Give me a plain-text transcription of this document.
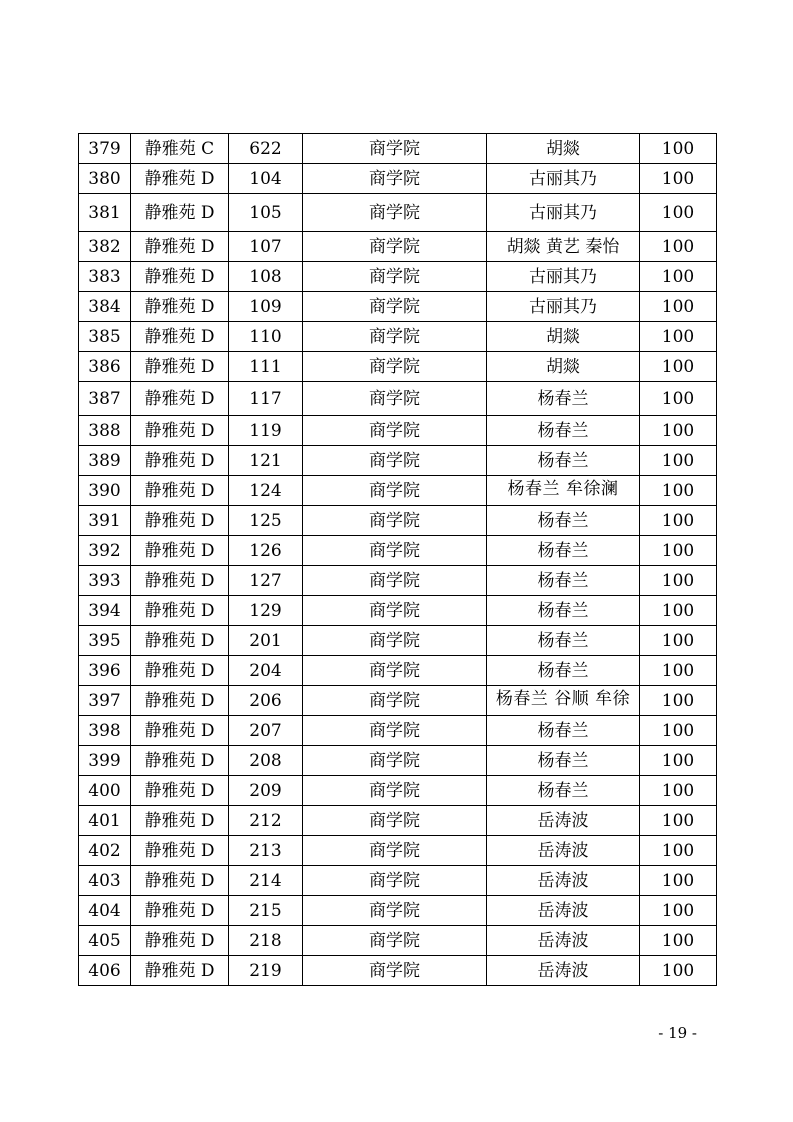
379	静雅苑 C	622	商学院	胡燚	100
380	静雅苑 D	104	商学院	古丽其乃	100
381	静雅苑 D	105	商学院	古丽其乃	100
382	静雅苑 D	107	商学院	胡燚 黄艺 秦怡	100
383	静雅苑 D	108	商学院	古丽其乃	100
384	静雅苑 D	109	商学院	古丽其乃	100
385	静雅苑 D	110	商学院	胡燚	100
386	静雅苑 D	111	商学院	胡燚	100
387	静雅苑 D	117	商学院	杨春兰	100
388	静雅苑 D	119	商学院	杨春兰	100
389	静雅苑 D	121	商学院	杨春兰	100
390	静雅苑 D	124	商学院	杨春兰 牟徐澜	100
391	静雅苑 D	125	商学院	杨春兰	100
392	静雅苑 D	126	商学院	杨春兰	100
393	静雅苑 D	127	商学院	杨春兰	100
394	静雅苑 D	129	商学院	杨春兰	100
395	静雅苑 D	201	商学院	杨春兰	100
396	静雅苑 D	204	商学院	杨春兰	100
397	静雅苑 D	206	商学院	杨春兰 谷顺 牟徐	100
398	静雅苑 D	207	商学院	杨春兰	100
399	静雅苑 D	208	商学院	杨春兰	100
400	静雅苑 D	209	商学院	杨春兰	100
401	静雅苑 D	212	商学院	岳涛波	100
402	静雅苑 D	213	商学院	岳涛波	100
403	静雅苑 D	214	商学院	岳涛波	100
404	静雅苑 D	215	商学院	岳涛波	100
405	静雅苑 D	218	商学院	岳涛波	100
406	静雅苑 D	219	商学院	岳涛波	100
- 19 -
